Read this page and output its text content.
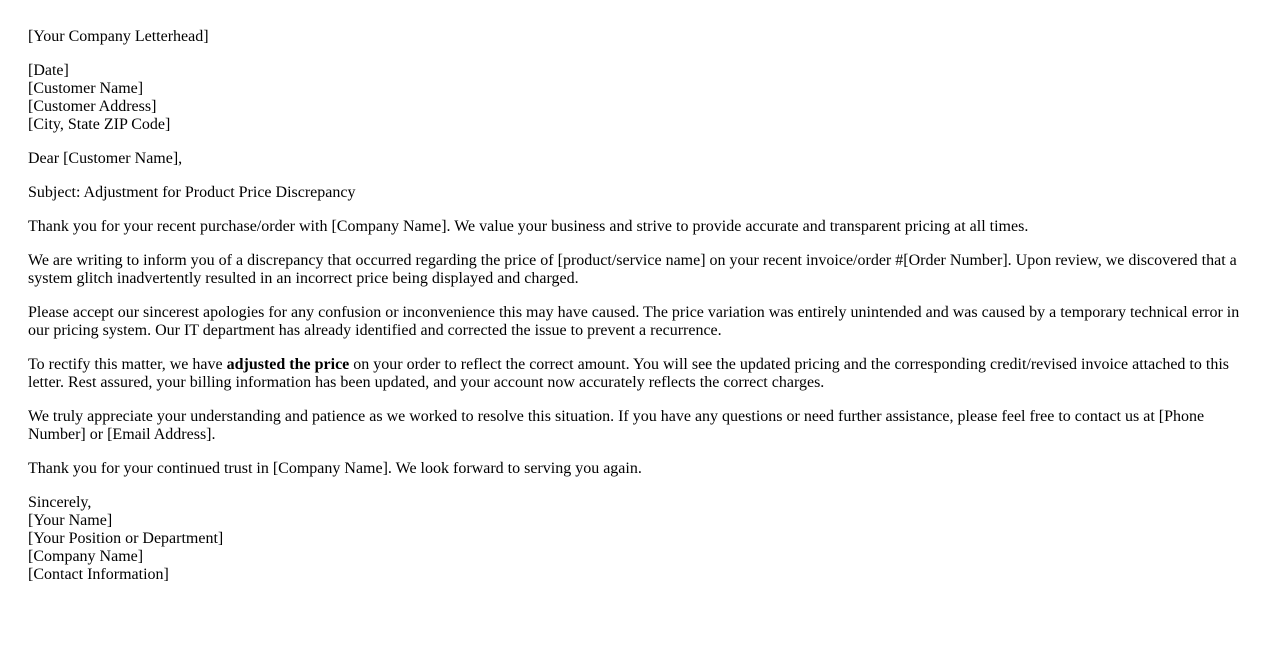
[Your Company Letterhead]
[Date]
[Customer Name]
[Customer Address]
[City, State ZIP Code]

Dear [Customer Name],

Subject: Adjustment for Product Price Discrepancy

Thank you for your recent purchase/order with [Company Name]. We value your business and strive to provide accurate and transparent pricing at all times.

We are writing to inform you of a discrepancy that occurred regarding the price of [product/service name] on your recent invoice/order #[Order Number]. Upon review, we discovered that a system glitch inadvertently resulted in an incorrect price being displayed and charged.

Please accept our sincerest apologies for any confusion or inconvenience this may have caused. The price variation was entirely unintended and was caused by a temporary technical error in our pricing system. Our IT department has already identified and corrected the issue to prevent a recurrence.

To rectify this matter, we have adjusted the price on your order to reflect the correct amount. You will see the updated pricing and the corresponding credit/revised invoice attached to this letter. Rest assured, your billing information has been updated, and your account now accurately reflects the correct charges.

We truly appreciate your understanding and patience as we worked to resolve this situation. If you have any questions or need further assistance, please feel free to contact us at [Phone Number] or [Email Address].

Thank you for your continued trust in [Company Name]. We look forward to serving you again.

Sincerely,
[Your Name]
[Your Position or Department]
[Company Name]
[Contact Information]
